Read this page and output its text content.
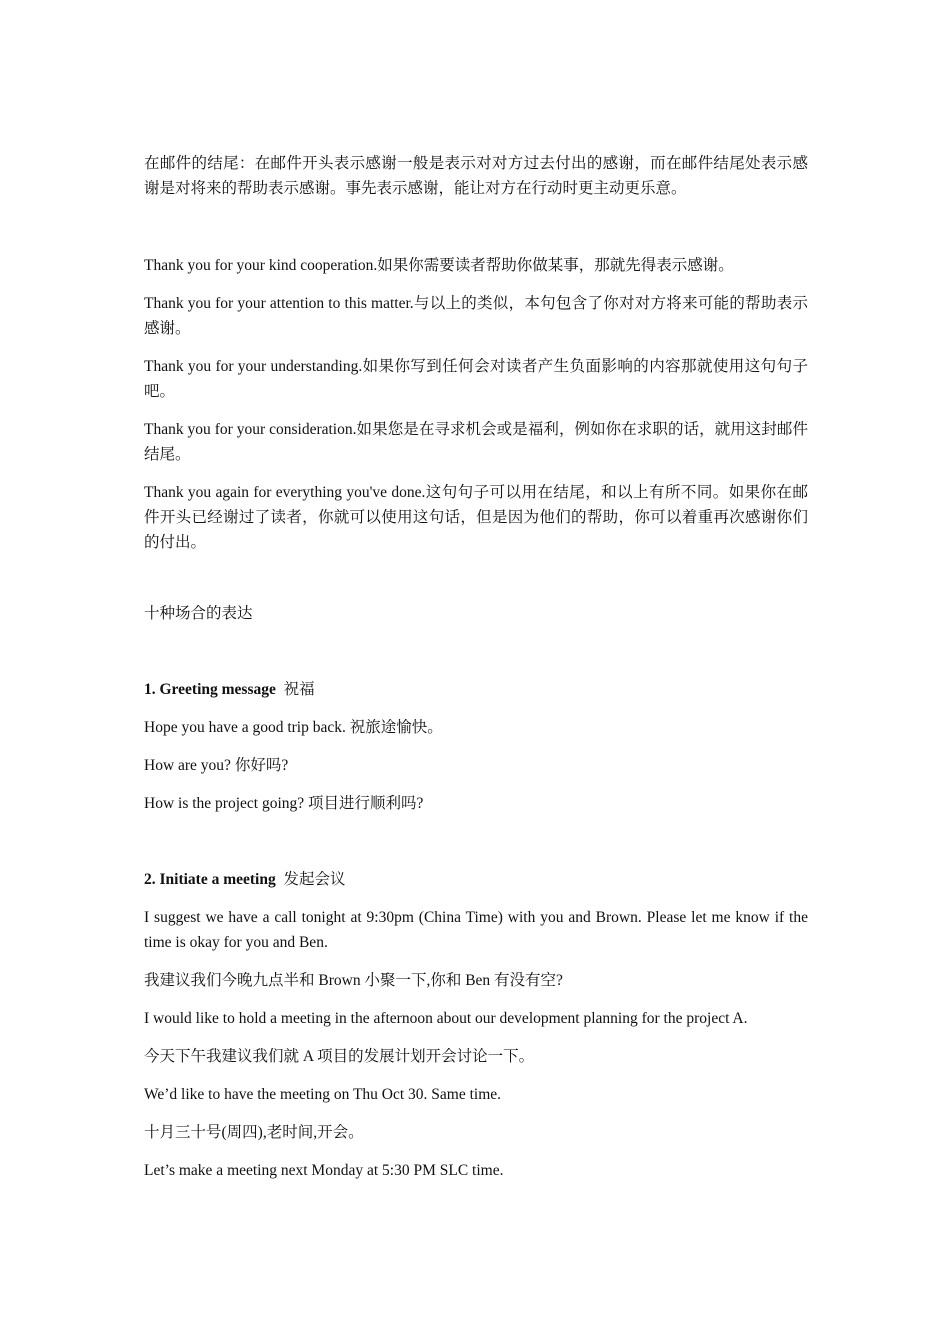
在邮件的结尾：在邮件开头表示感谢一般是表示对对方过去付出的感谢，而在邮件结尾处表示感谢是对将来的帮助表示感谢。事先表示感谢，能让对方在行动时更主动更乐意。

Thank you for your kind cooperation.如果你需要读者帮助你做某事，那就先得表示感谢。

Thank you for your attention to this matter.与以上的类似，本句包含了你对对方将来可能的帮助表示感谢。

Thank you for your understanding.如果你写到任何会对读者产生负面影响的内容那就使用这句句子吧。

Thank you for your consideration.如果您是在寻求机会或是福利，例如你在求职的话，就用这封邮件结尾。

Thank you again for everything you've done.这句句子可以用在结尾，和以上有所不同。如果你在邮件开头已经谢过了读者，你就可以使用这句话，但是因为他们的帮助，你可以着重再次感谢你们的付出。

十种场合的表达

1. Greeting message 祝福

Hope you have a good trip back. 祝旅途愉快。

How are you? 你好吗?

How is the project going? 项目进行顺利吗?

2. Initiate a meeting 发起会议

I suggest we have a call tonight at 9:30pm (China Time) with you and Brown. Please let me know if the time is okay for you and Ben.

我建议我们今晚九点半和 Brown 小聚一下,你和 Ben 有没有空?

I would like to hold a meeting in the afternoon about our development planning for the project A.

今天下午我建议我们就 A 项目的发展计划开会讨论一下。

We’d like to have the meeting on Thu Oct 30. Same time.

十月三十号(周四),老时间,开会。

Let’s make a meeting next Monday at 5:30 PM SLC time.
